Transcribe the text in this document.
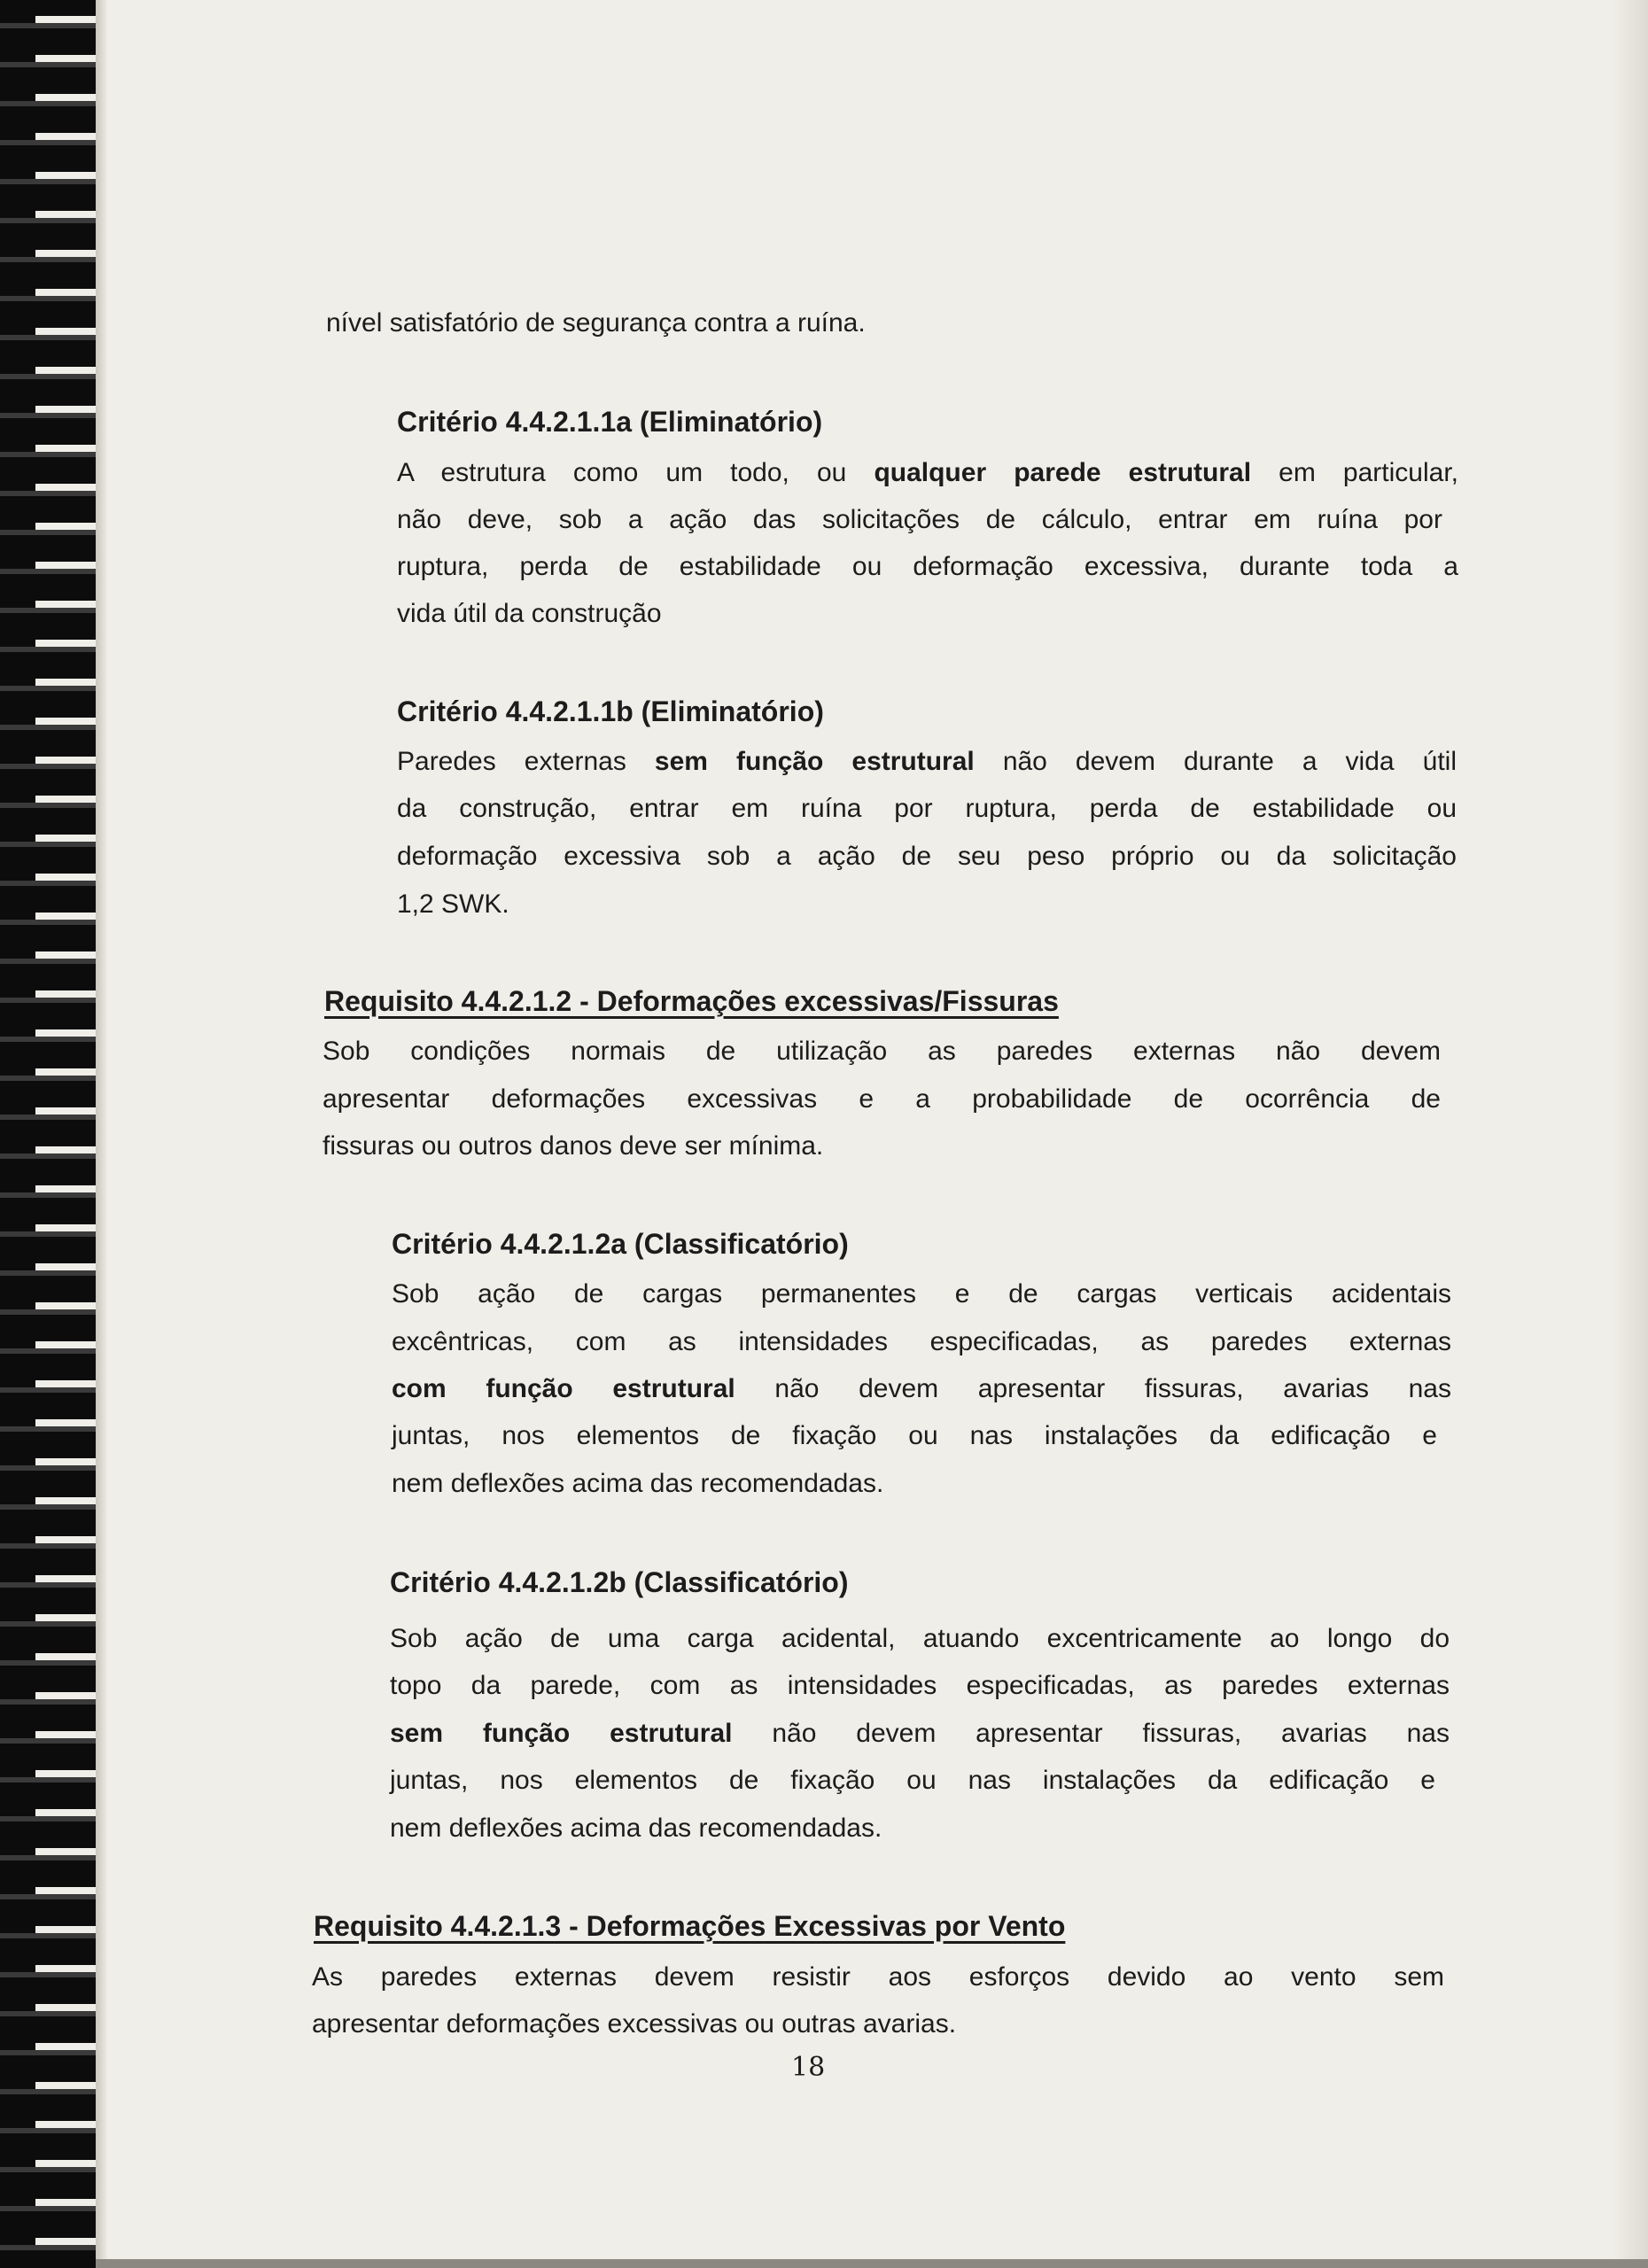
nível satisfatório de segurança contra a ruína.
Critério 4.4.2.1.1a (Eliminatório)
A estrutura como um todo, ou qualquer parede estrutural em particular,
não deve, sob a ação das solicitações de cálculo, entrar em ruína por
ruptura, perda de estabilidade ou deformação excessiva, durante toda a
vida útil da construção
Critério 4.4.2.1.1b (Eliminatório)
Paredes externas sem função estrutural não devem durante a vida útil
da construção, entrar em ruína por ruptura, perda de estabilidade ou
deformação excessiva sob a ação de seu peso próprio ou da solicitação
1,2 SWK.
Requisito 4.4.2.1.2 - Deformações excessivas/Fissuras
Sob condições normais de utilização as paredes externas não devem
apresentar deformações excessivas e a probabilidade de ocorrência de
fissuras ou outros danos deve ser mínima.
Critério 4.4.2.1.2a (Classificatório)
Sob ação de cargas permanentes e de cargas verticais acidentais
excêntricas, com as intensidades especificadas, as paredes externas
com função estrutural não devem apresentar fissuras, avarias nas
juntas, nos elementos de fixação ou nas instalações da edificação e
nem deflexões acima das recomendadas.
Critério 4.4.2.1.2b (Classificatório)
Sob ação de uma carga acidental, atuando excentricamente ao longo do
topo da parede, com as intensidades especificadas, as paredes externas
sem função estrutural não devem apresentar fissuras, avarias nas
juntas, nos elementos de fixação ou nas instalações da edificação e
nem deflexões acima das recomendadas.
Requisito 4.4.2.1.3 - Deformações Excessivas por Vento
As paredes externas devem resistir aos esforços devido ao vento sem
apresentar deformações excessivas ou outras avarias.
18
